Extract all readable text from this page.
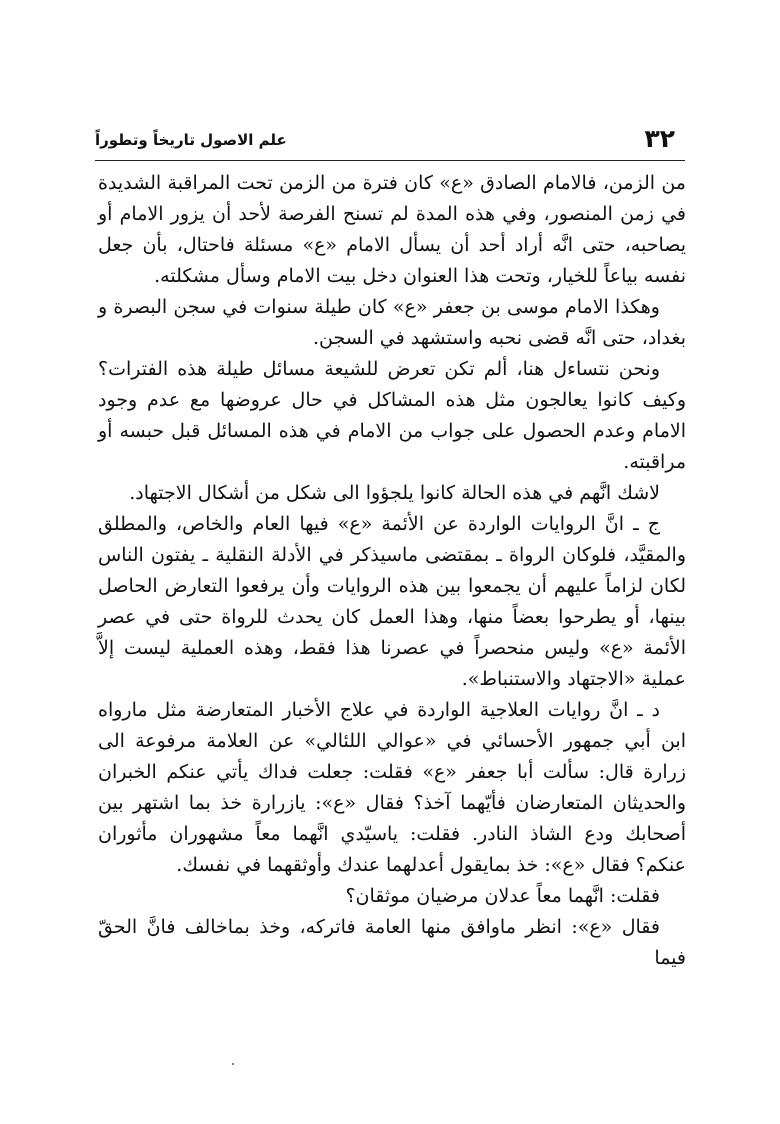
٣٢
علم الاصول تاريخاً وتطوراً

من الزمن، فالامام الصادق «ع» كان فترة من الزمن تحت المراقبة الشديدة في زمن المنصور، وفي هذه المدة لم تسنح الفرصة لأحد أن يزور الامام أو يصاحبه، حتى انَّه أراد أحد أن يسأل الامام «ع» مسئلة فاحتال، بأن جعل نفسه بياعاً للخيار، وتحت هذا العنوان دخل بيت الامام وسأل مشكلته.

وهكذا الامام موسى بن جعفر «ع» كان طيلة سنوات في سجن البصرة و بغداد، حتى انَّه قضى نحبه واستشهد في السجن.

ونحن نتساءل هنا، ألم تكن تعرض للشيعة مسائل طيلة هذه الفترات؟ وكيف كانوا يعالجون مثل هذه المشاكل في حال عروضها مع عدم وجود الامام وعدم الحصول على جواب من الامام في هذه المسائل قبل حبسه أو مراقبته.

لاشك انَّهم في هذه الحالة كانوا يلجؤوا الى شكل من أشكال الاجتهاد.

ج ـ انَّ الروايات الواردة عن الأئمة «ع» فيها العام والخاص، والمطلق والمقيَّد، فلوكان الرواة ـ بمقتضى ماسيذكر في الأدلة النقلية ـ يفتون الناس لكان لزاماً عليهم أن يجمعوا بين هذه الروايات وأن يرفعوا التعارض الحاصل بينها، أو يطرحوا بعضاً منها، وهذا العمل كان يحدث للرواة حتى في عصر الأئمة «ع» وليس منحصراً في عصرنا هذا فقط، وهذه العملية ليست إلاَّ عملية «الاجتهاد والاستنباط».

د ـ انَّ روايات العلاجية الواردة في علاج الأخبار المتعارضة مثل مارواه ابن أبي جمهور الأحسائي في «عوالي اللئالي» عن العلامة مرفوعة الى زرارة قال: سألت أبا جعفر «ع» فقلت: جعلت فداك يأتي عنكم الخبران والحديثان المتعارضان فأيّهما آخذ؟ فقال «ع»: يازرارة خذ بما اشتهر بين أصحابك ودع الشاذ النادر. فقلت: ياسيّدي انَّهما معاً مشهوران مأثوران عنكم؟ فقال «ع»: خذ بمايقول أعدلهما عندك وأوثقهما في نفسك.

فقلت: انَّهما معاً عدلان مرضيان موثقان؟

فقال «ع»: انظر ماوافق منها العامة فاتركه، وخذ بماخالف فانَّ الحقّ فيما
